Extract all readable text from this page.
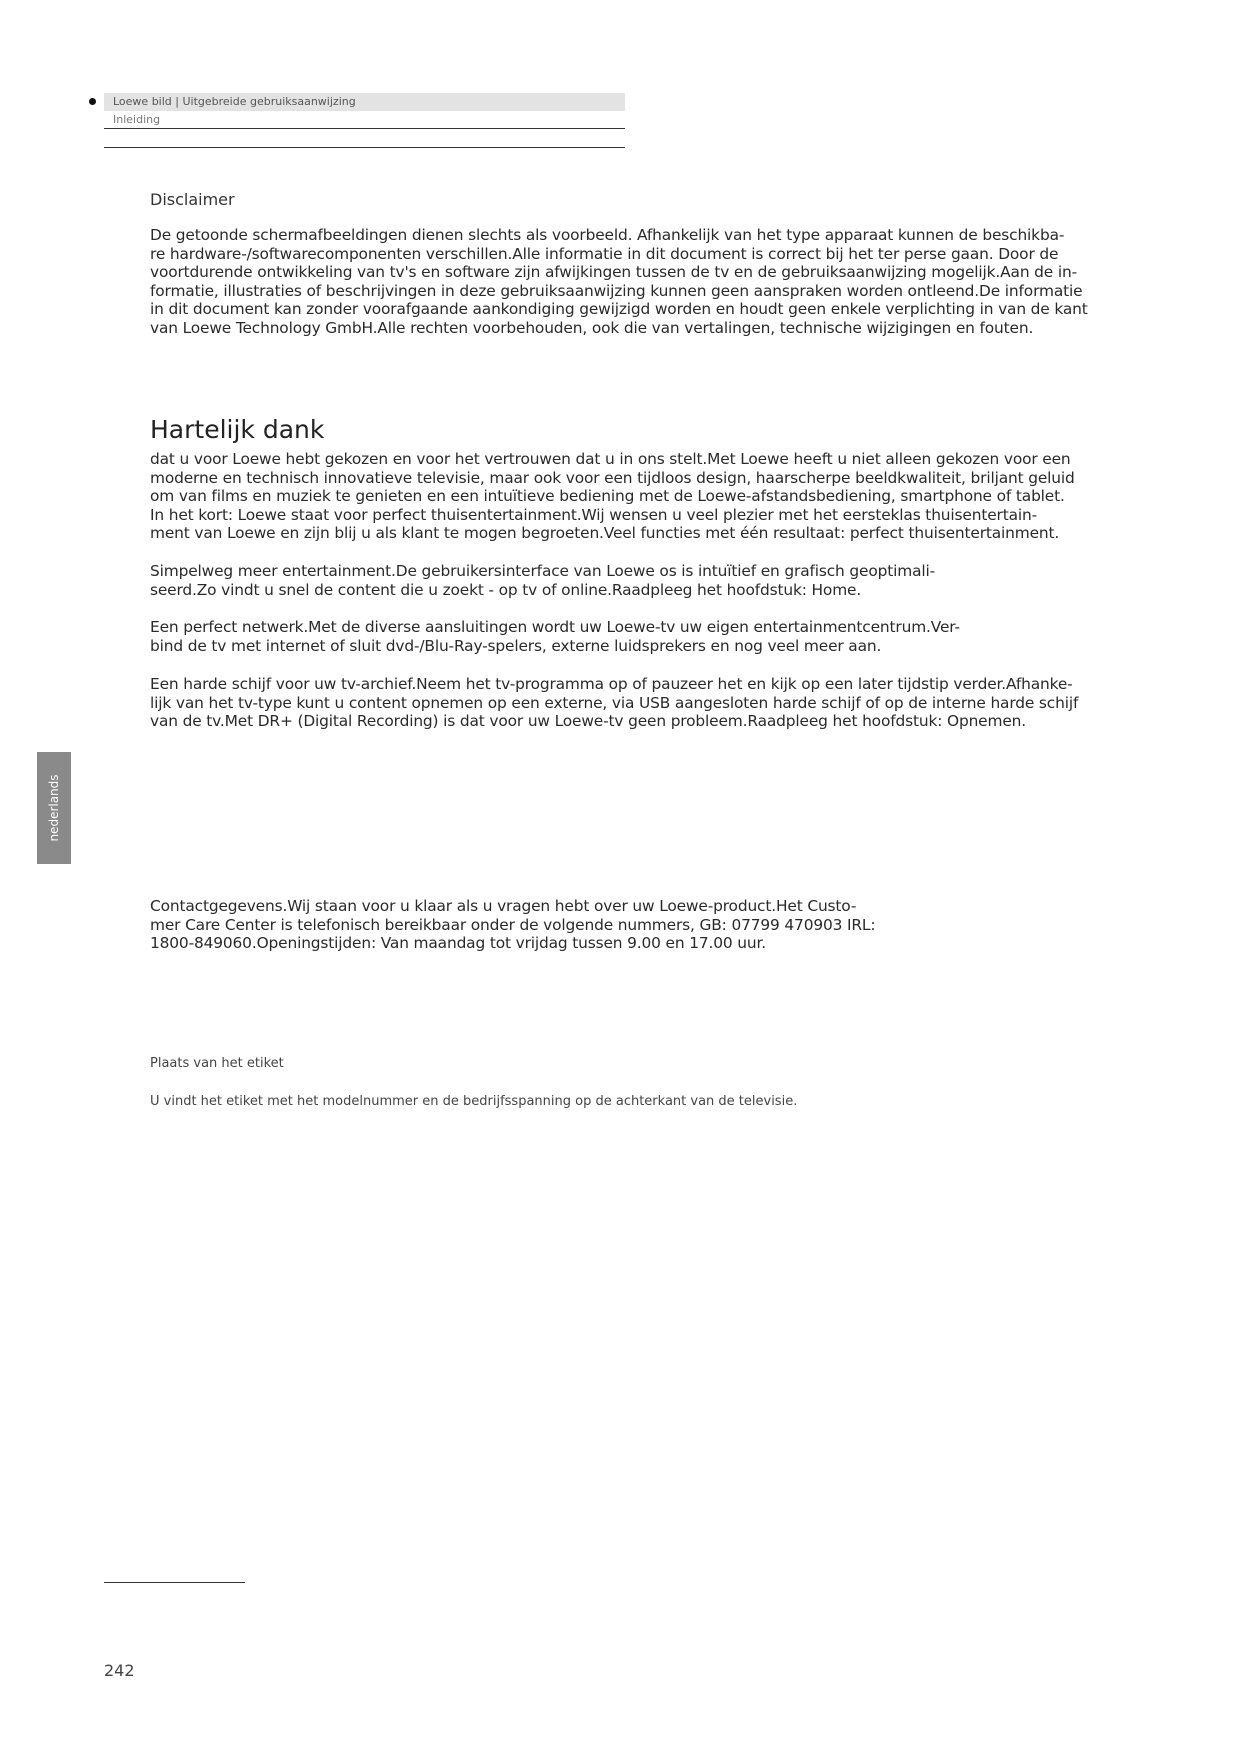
Loewe bild | Uitgebreide gebruiksaanwijzing
Inleiding
Disclaimer

De getoonde schermafbeeldingen dienen slechts als voorbeeld. Afhankelijk van het type apparaat kunnen de beschikba-
re hardware-/softwarecomponenten verschillen.Alle informatie in dit document is correct bij het ter perse gaan. Door de
voortdurende ontwikkeling van tv's en software zijn afwijkingen tussen de tv en de gebruiksaanwijzing mogelijk.Aan de in-
formatie, illustraties of beschrijvingen in deze gebruiksaanwijzing kunnen geen aanspraken worden ontleend.De informatie
in dit document kan zonder voorafgaande aankondiging gewijzigd worden en houdt geen enkele verplichting in van de kant
van Loewe Technology GmbH.Alle rechten voorbehouden, ook die van vertalingen, technische wijzigingen en fouten.

Hartelijk dank

dat u voor Loewe hebt gekozen en voor het vertrouwen dat u in ons stelt.Met Loewe heeft u niet alleen gekozen voor een
moderne en technisch innovatieve televisie, maar ook voor een tijdloos design, haarscherpe beeldkwaliteit, briljant geluid
om van films en muziek te genieten en een intuïtieve bediening met de Loewe-afstandsbediening, smartphone of tablet.
In het kort: Loewe staat voor perfect thuisentertainment.Wij wensen u veel plezier met het eersteklas thuisentertain-
ment van Loewe en zijn blij u als klant te mogen begroeten.Veel functies met één resultaat: perfect thuisentertainment.

Simpelweg meer entertainment.De gebruikersinterface van Loewe os is intuïtief en grafisch geoptimali-
seerd.Zo vindt u snel de content die u zoekt - op tv of online.Raadpleeg het hoofdstuk: Home.

Een perfect netwerk.Met de diverse aansluitingen wordt uw Loewe-tv uw eigen entertainmentcentrum.Ver-
bind de tv met internet of sluit dvd-/Blu-Ray-spelers, externe luidsprekers en nog veel meer aan.

Een harde schijf voor uw tv-archief.Neem het tv-programma op of pauzeer het en kijk op een later tijdstip verder.Afhanke-
lijk van het tv-type kunt u content opnemen op een externe, via USB aangesloten harde schijf of op de interne harde schijf
van de tv.Met DR+ (Digital Recording) is dat voor uw Loewe-tv geen probleem.Raadpleeg het hoofdstuk: Opnemen.

nederlands

Contactgegevens.Wij staan voor u klaar als u vragen hebt over uw Loewe-product.Het Custo-
mer Care Center is telefonisch bereikbaar onder de volgende nummers, GB: 07799 470903 IRL:
1800-849060.Openingstijden: Van maandag tot vrijdag tussen 9.00 en 17.00 uur.

Plaats van het etiket
U vindt het etiket met het modelnummer en de bedrijfsspanning op de achterkant van de televisie.
242
